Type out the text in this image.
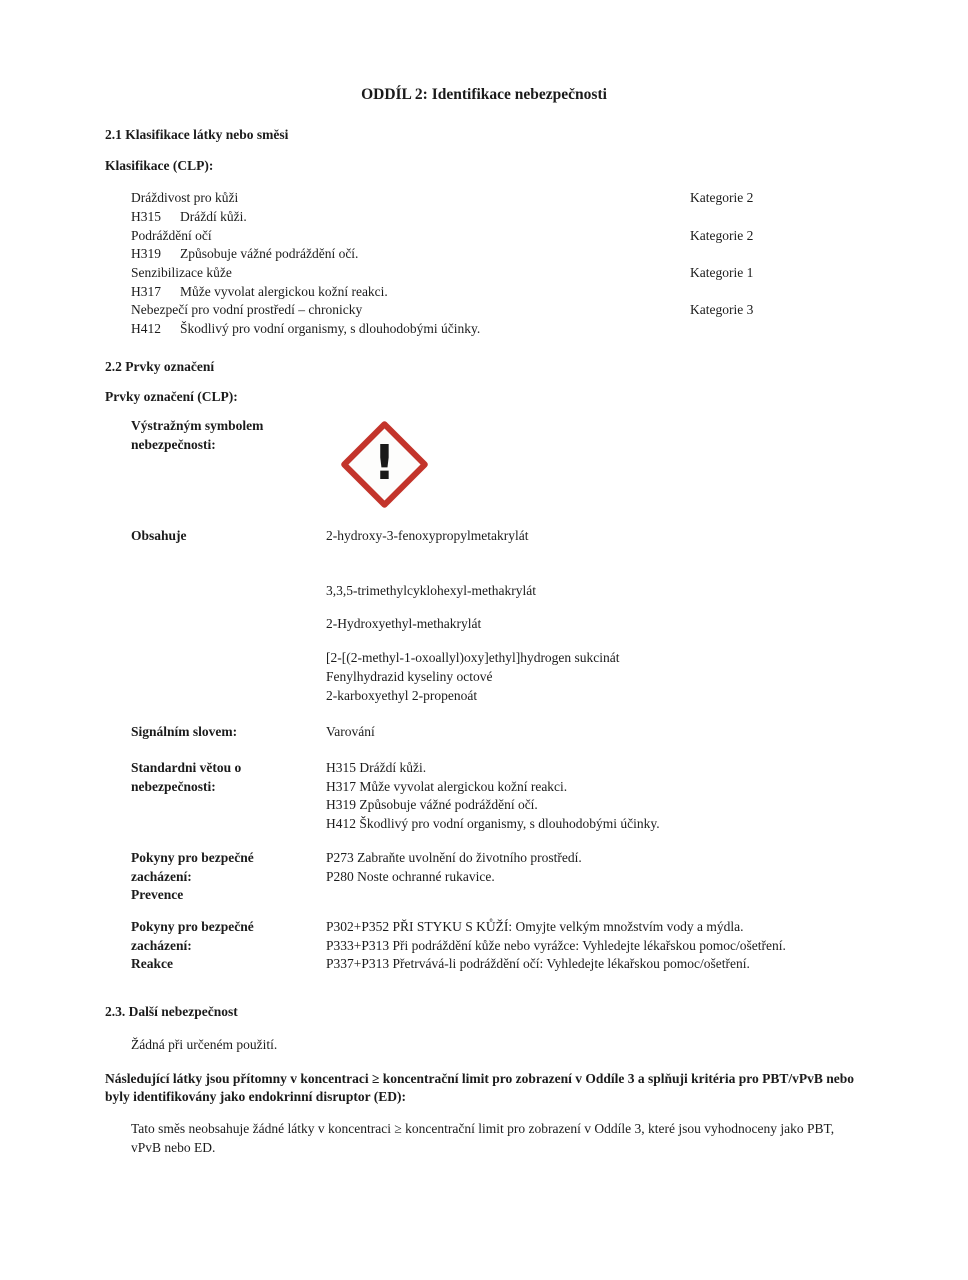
ODDÍL 2: Identifikace nebezpečnosti
2.1 Klasifikace látky nebo směsi
Klasifikace (CLP):
Dráždivost pro kůži	Kategorie 2
H315 Dráždí kůži.
Podráždění očí	Kategorie 2
H319 Způsobuje vážné podráždění očí.
Senzibilizace kůže	Kategorie 1
H317 Může vyvolat alergickou kožní reakci.
Nebezpečí pro vodní prostředí – chronicky	Kategorie 3
H412 Škodlivý pro vodní organismy, s dlouhodobými účinky.
2.2 Prvky označení
Prvky označení (CLP):
Výstražným symbolem
nebezpečnosti:	!
Obsahuje	2-hydroxy-3-fenoxypropylmetakrylát
3,3,5-trimethylcyklohexyl-methakrylát
2-Hydroxyethyl-methakrylát
[2-[(2-methyl-1-oxoallyl)oxy]ethyl]hydrogen sukcinát
Fenylhydrazid kyseliny octové
2-karboxyethyl 2-propenoát
Signálním slovem:	Varování
Standardni větou o
nebezpečnosti:
H315 Dráždí kůži.
H317 Může vyvolat alergickou kožní reakci.
H319 Způsobuje vážné podráždění očí.
H412 Škodlivý pro vodní organismy, s dlouhodobými účinky.
Pokyny pro bezpečné
zacházení:
Prevence
P273 Zabraňte uvolnění do životního prostředí.
P280 Noste ochranné rukavice.
Pokyny pro bezpečné
zacházení:
Reakce
P302+P352 PŘI STYKU S KŮŽÍ: Omyjte velkým množstvím vody a mýdla.
P333+P313 Při podráždění kůže nebo vyrážce: Vyhledejte lékařskou pomoc/ošetření.
P337+P313 Přetrvává-li podráždění očí: Vyhledejte lékařskou pomoc/ošetření.
2.3. Další nebezpečnost
Žádná při určeném použití.
Následující látky jsou přítomny v koncentraci ≥ koncentrační limit pro zobrazení v Oddíle 3 a splňuji kritéria pro PBT/vPvB nebo byly identifikovány jako endokrinní disruptor (ED):
Tato směs neobsahuje žádné látky v koncentraci ≥ koncentrační limit pro zobrazení v Oddíle 3, které jsou vyhodnoceny jako PBT, vPvB nebo ED.
